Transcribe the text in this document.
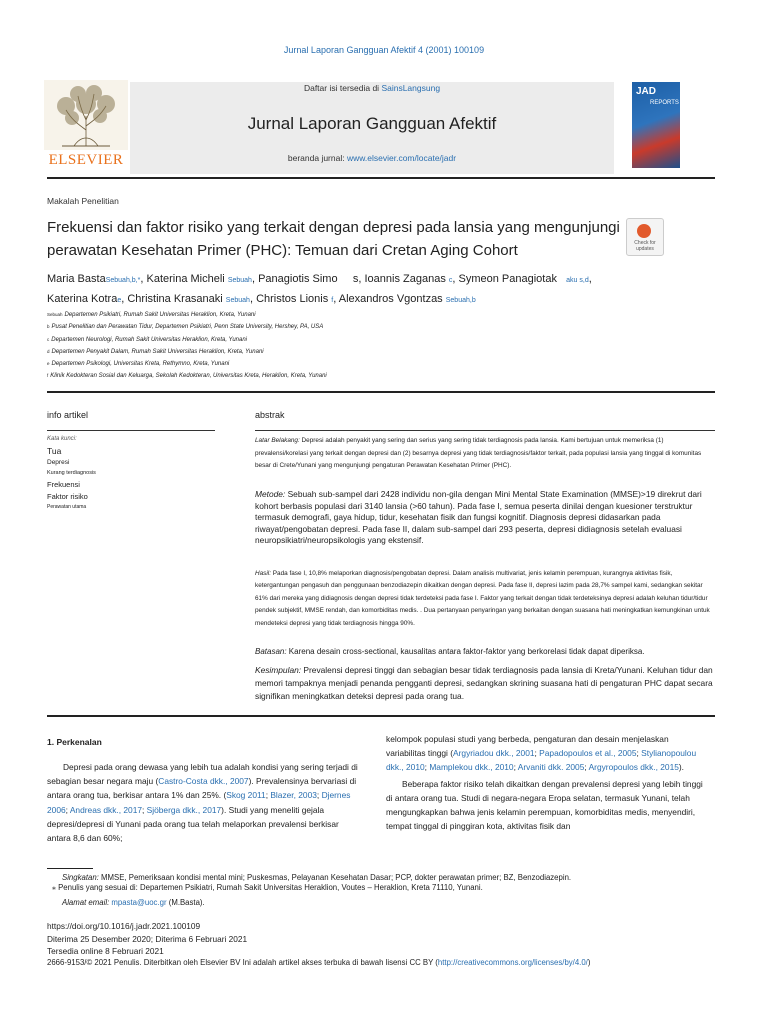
Jurnal Laporan Gangguan Afektif 4 (2001) 100109
ELSEVIER
Daftar isi tersedia di SainsLangsung
Jurnal Laporan Gangguan Afektif
beranda jurnal: www.elsevier.com/locate/jadr
JAD
REPORTS
Makalah Penelitian
Frekuensi dan faktor risiko yang terkait dengan depresi pada lansia yang mengunjungi perawatan Kesehatan Primer (PHC): Temuan dari Cretan Aging Cohort	Check for updates
Maria BastaSebuah,b,*, Katerina Micheli Sebuah, Panagiotis Simo s, Ioannis Zaganas c, Symeon Panagiotak aku s,d,
Katerina Kotrae, Christina Krasanaki Sebuah, Christos Lionis f, Alexandros Vgontzas Sebuah,b
Sebuah Departemen Psikiatri, Rumah Sakit Universitas Heraklion, Kreta, Yunani
b Pusat Penelitian dan Perawatan Tidur, Departemen Psikiatri, Penn State University, Hershey, PA, USA
c Departemen Neurologi, Rumah Sakit Universitas Heraklion, Kreta, Yunani
d Departemen Penyakit Dalam, Rumah Sakit Universitas Heraklion, Kreta, Yunani
e Departemen Psikologi, Universitas Kreta, Rethymno, Kreta, Yunani
f Klinik Kedokteran Sosial dan Keluarga, Sekolah Kedokteran, Universitas Kreta, Heraklion, Kreta, Yunani
info artikel
Kata kunci:
Tua
Depresi
Kurang terdiagnosis
Frekuensi
Faktor risiko
Perawatan utama
abstrak
Latar Belakang: Depresi adalah penyakit yang sering dan serius yang sering tidak terdiagnosis pada lansia. Kami bertujuan untuk memeriksa (1) prevalensi/korelasi yang terkait dengan depresi dan (2) besarnya depresi yang tidak terdiagnosis/faktor terkait, pada populasi lansia yang tinggal di komunitas besar di Crete/Yunani yang mengunjungi pengaturan Perawatan Kesehatan Primer (PHC).
Metode: Sebuah sub-sampel dari 2428 individu non-gila dengan Mini Mental State Examination (MMSE)>19 direkrut dari kohort berbasis populasi dari 3140 lansia (>60 tahun). Pada fase I, semua peserta dinilai dengan kuesioner terstruktur termasuk demografi, gaya hidup, tidur, kesehatan fisik dan fungsi kognitif. Diagnosis depresi didasarkan pada riwayat/pengobatan depresi. Pada fase II, dalam sub-sampel dari 293 peserta, depresi didiagnosis setelah evaluasi neuropsikiatri/neuropsikologis yang ekstensif.
Hasil: Pada fase I, 10,8% melaporkan diagnosis/pengobatan depresi. Dalam analisis multivariat, jenis kelamin perempuan, kurangnya aktivitas fisik, ketergantungan pengasuh dan penggunaan benzodiazepin dikaitkan dengan depresi. Pada fase II, depresi lazim pada 28,7% sampel kami, sedangkan sekitar 61% dari mereka yang didiagnosis dengan depresi tidak terdeteksi pada fase I. Faktor yang terkait dengan tidak terdeteksinya depresi adalah keluhan tidur/tidur pendek subjektif, MMSE rendah, dan komorbiditas medis. . Dua pertanyaan penyaringan yang berkaitan dengan suasana hati meningkatkan kemungkinan untuk mendeteksi depresi yang tidak terdiagnosis hingga 90%.
Batasan: Karena desain cross-sectional, kausalitas antara faktor-faktor yang berkorelasi tidak dapat diperiksa.
Kesimpulan: Prevalensi depresi tinggi dan sebagian besar tidak terdiagnosis pada lansia di Kreta/Yunani. Keluhan tidur dan memori tampaknya menjadi penanda pengganti depresi, sedangkan skrining suasana hati di pengaturan PHC dapat secara signifikan meningkatkan deteksi depresi pada orang tua.
1. Perkenalan

Depresi pada orang dewasa yang lebih tua adalah kondisi yang sering terjadi di sebagian besar negara maju (Castro-Costa dkk., 2007). Prevalensinya bervariasi di antara orang tua, berkisar antara 1% dan 25%. (Skog 2011; Blazer, 2003; Djernes 2006; Andreas dkk., 2017; Sjöberga dkk., 2017). Studi yang meneliti gejala depresi/depresi di Yunani pada orang tua telah melaporkan prevalensi berkisar antara 8,6 dan 60%;

kelompok populasi studi yang berbeda, pengaturan dan desain menjelaskan variabilitas tinggi (Argyriadou dkk., 2001; Papadopoulos et al., 2005; Stylianopoulou dkk., 2010; Mamplekou dkk., 2010; Arvaniti dkk. 2005; Argyropoulos dkk., 2015).

Beberapa faktor risiko telah dikaitkan dengan prevalensi depresi yang lebih tinggi di antara orang tua. Studi di negara-negara Eropa selatan, termasuk Yunani, telah mengungkapkan bahwa jenis kelamin perempuan, komorbiditas medis, menyendiri, tempat tinggal di pinggiran kota, aktivitas fisik dan

Singkatan: MMSE, Pemeriksaan kondisi mental mini; Puskesmas, Pelayanan Kesehatan Dasar; PCP, dokter perawatan primer; BZ, Benzodiazepin.
⁎ Penulis yang sesuai di: Departemen Psikiatri, Rumah Sakit Universitas Heraklion, Voutes – Heraklion, Kreta 71110, Yunani.
Alamat email: mpasta@uoc.gr (M.Basta).
https://doi.org/10.1016/j.jadr.2021.100109
Diterima 25 Desember 2020; Diterima 6 Februari 2021
Tersedia online 8 Februari 2021
2666-9153/© 2021 Penulis. Diterbitkan oleh Elsevier BV Ini adalah artikel akses terbuka di bawah lisensi CC BY (http://creativecommons.org/licenses/by/4.0/)
